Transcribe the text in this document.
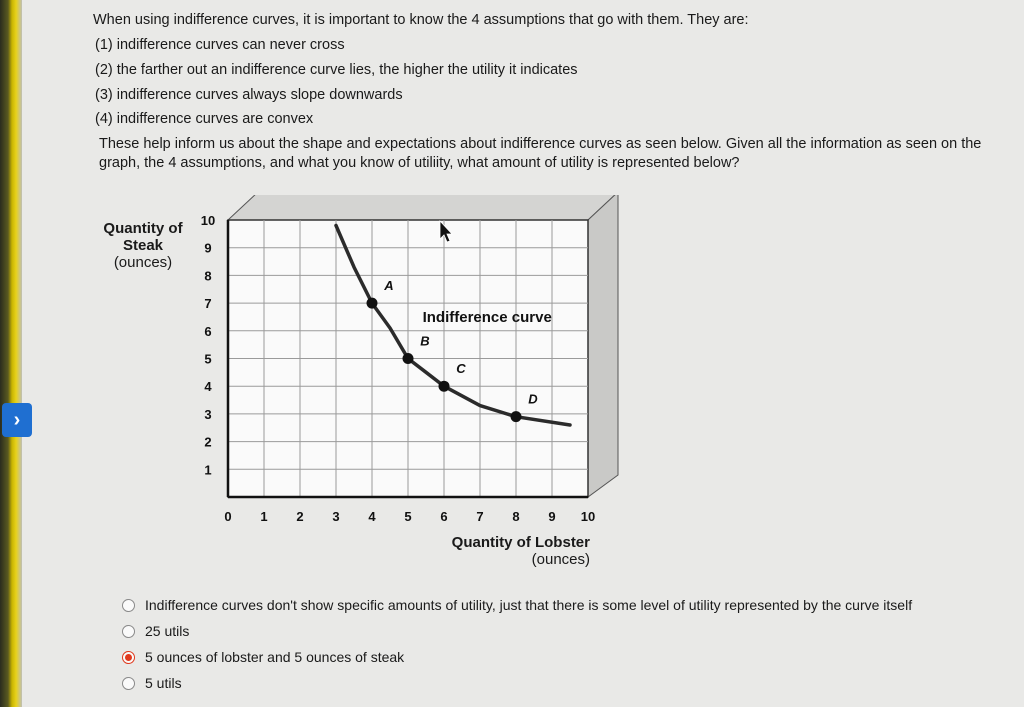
›
When using indifference curves, it is important to know the 4 assumptions that go with them. They are:
(1) indifference curves can never cross
(2) the farther out an indifference curve lies, the higher the utility it indicates
(3) indifference curves always slope downwards
(4) indifference curves are convex
These help inform us about the shape and expectations about indifference curves as seen below. Given all the information as seen on the graph, the 4 assumptions, and what you know of utiliity, what amount of utility is represented below?
0 1 2 3 4 5 6 7 8 9 10
1
2
3
4
5
6
7
8
9
10
Indifference curve
A
B
C
D
Quantity of Steak
(ounces)
Quantity of Lobster
(ounces)
Indifference curves don't show specific amounts of utility, just that there is some level of utility represented by the curve itself
25 utils
5 ounces of lobster and 5 ounces of steak
5 utils
